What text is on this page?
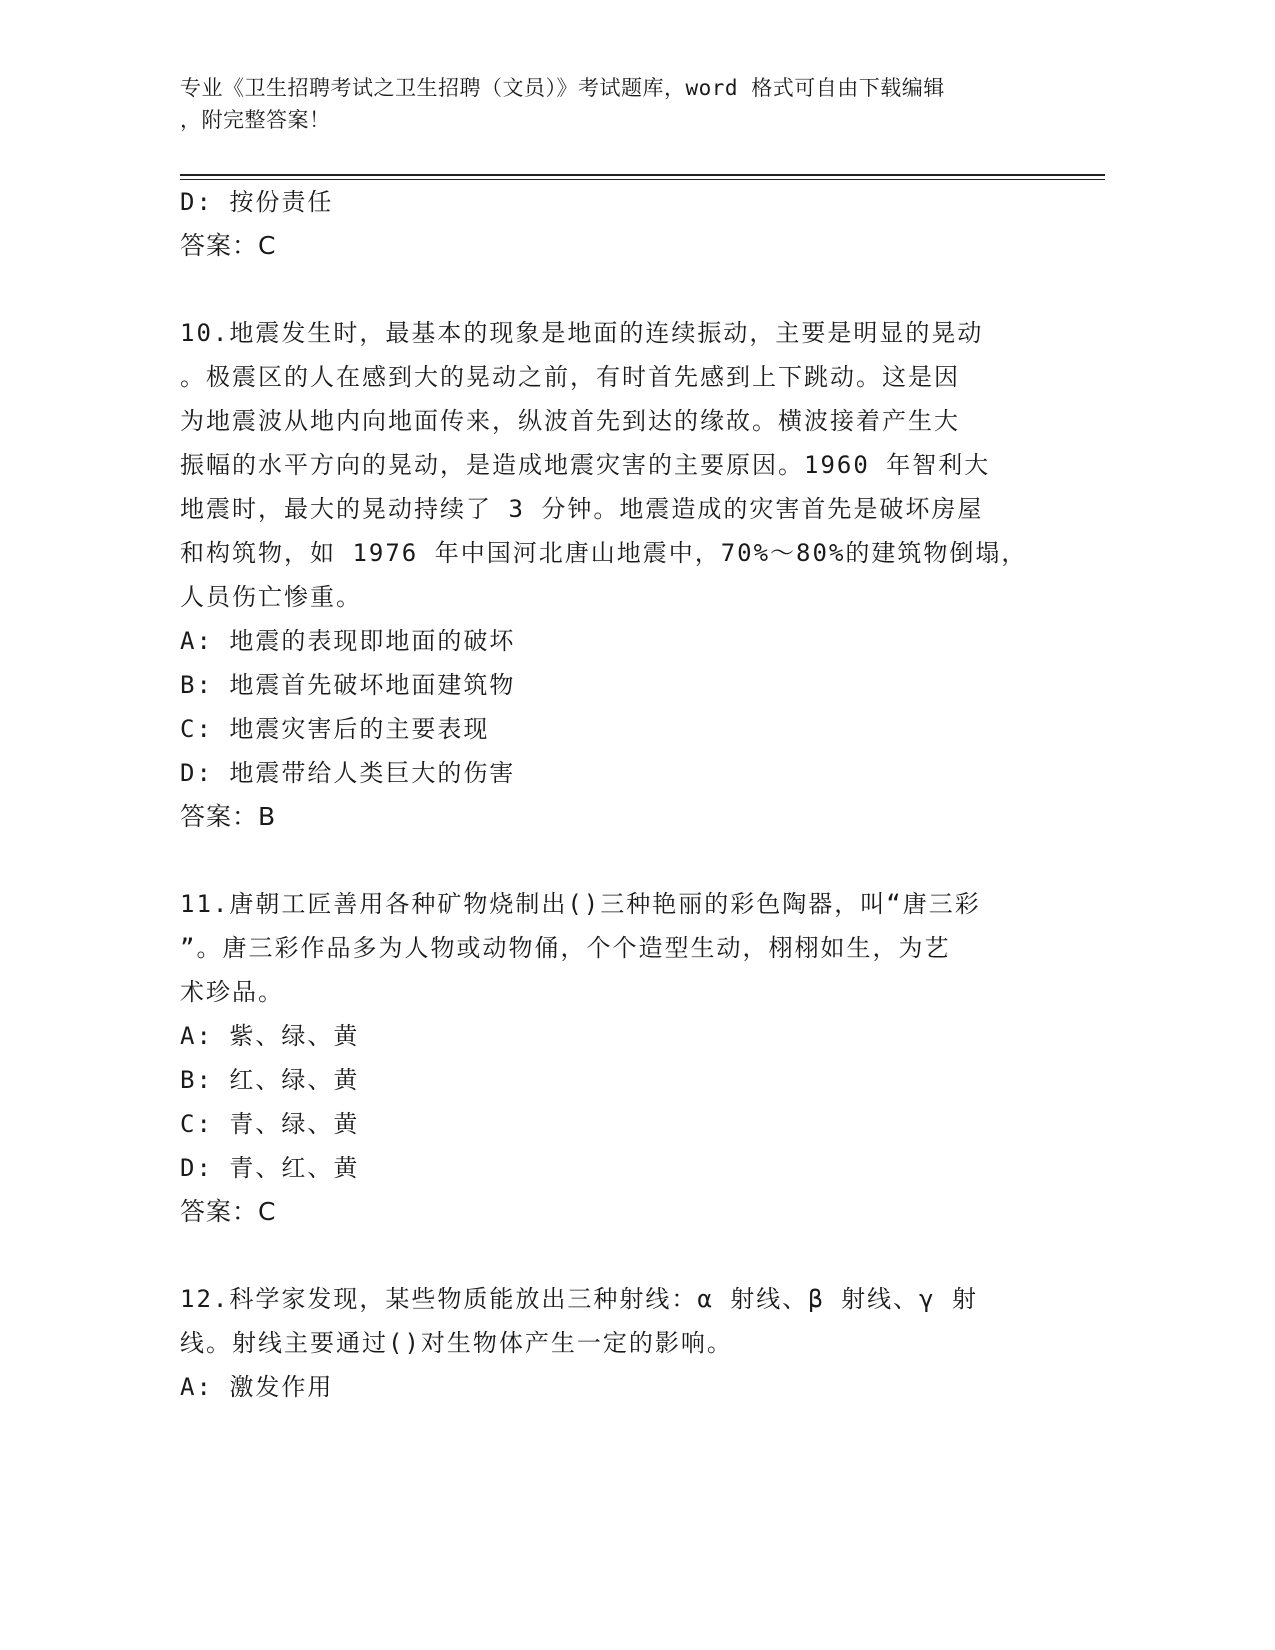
专业《卫生招聘考试之卫生招聘（文员）》考试题库，word 格式可自由下载编辑
，附完整答案！
D: 按份责任
答案：C
10.地震发生时，最基本的现象是地面的连续振动，主要是明显的晃动
。极震区的人在感到大的晃动之前，有时首先感到上下跳动。这是因
为地震波从地内向地面传来，纵波首先到达的缘故。横波接着产生大
振幅的水平方向的晃动，是造成地震灾害的主要原因。1960 年智利大
地震时，最大的晃动持续了 3 分钟。地震造成的灾害首先是破坏房屋
和构筑物，如 1976 年中国河北唐山地震中，70%～80%的建筑物倒塌，
人员伤亡惨重。
A: 地震的表现即地面的破坏
B: 地震首先破坏地面建筑物
C: 地震灾害后的主要表现
D: 地震带给人类巨大的伤害
答案：B
11.唐朝工匠善用各种矿物烧制出()三种艳丽的彩色陶器，叫“唐三彩
”。唐三彩作品多为人物或动物俑，个个造型生动，栩栩如生，为艺
术珍品。
A: 紫、绿、黄
B: 红、绿、黄
C: 青、绿、黄
D: 青、红、黄
答案：C
12.科学家发现，某些物质能放出三种射线：α 射线、β 射线、γ 射
线。射线主要通过()对生物体产生一定的影响。
A: 激发作用
